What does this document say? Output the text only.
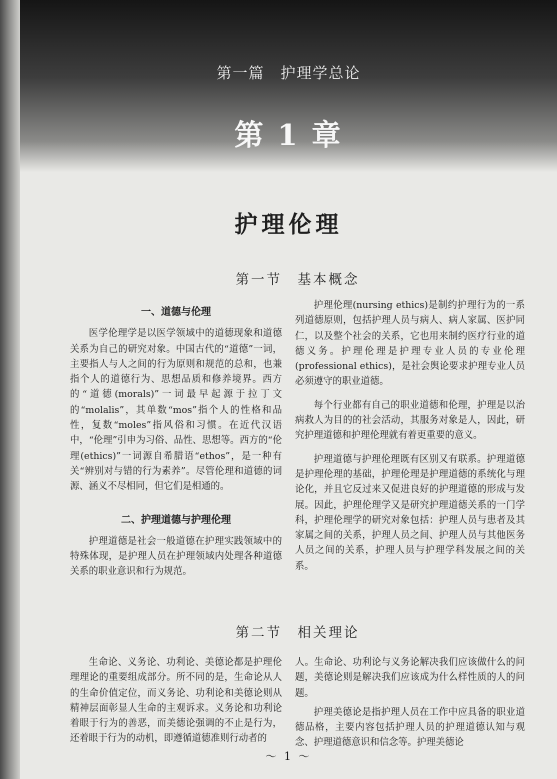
第一篇　护理学总论
第 1 章
护理伦理
第一节　基本概念

一、道德与伦理

医学伦理学是以医学领域中的道德现象和道德关系为自己的研究对象。中国古代的“道德”一词，主要指人与人之间的行为原则和规范的总和，也兼指个人的道德行为、思想品质和修养境界。西方的“道德(morals)”一词最早起源于拉丁文的“molalis”，其单数“mos”指个人的性格和品性，复数“moles”指风俗和习惯。在近代汉语中，“伦理”引申为习俗、品性、思想等。西方的“伦理(ethics)”一词源自希腊语“ethos”，是一种有关“辨别对与错的行为素养”。尽管伦理和道德的词源、涵义不尽相同，但它们是相通的。

二、护理道德与护理伦理

护理道德是社会一般道德在护理实践领域中的特殊体现，是护理人员在护理领域内处理各种道德关系的职业意识和行为规范。

护理伦理(nursing ethics)是制约护理行为的一系列道德原则，包括护理人员与病人、病人家属、医护同仁，以及整个社会的关系，它也用来制约医疗行业的道德义务。护理伦理是护理专业人员的专业伦理(professional ethics)，是社会舆论要求护理专业人员必须遵守的职业道德。

每个行业都有自己的职业道德和伦理，护理是以治病救人为目的的社会活动，其服务对象是人，因此，研究护理道德和护理伦理就有着更重要的意义。

护理道德与护理伦理既有区别又有联系。护理道德是护理伦理的基础，护理伦理是护理道德的系统化与理论化，并且它反过来又促进良好的护理道德的形成与发展。因此，护理伦理学又是研究护理道德关系的一门学科，护理伦理学的研究对象包括：护理人员与患者及其家属之间的关系，护理人员之间、护理人员与其他医务人员之间的关系，护理人员与护理学科发展之间的关系。

第二节　相关理论

生命论、义务论、功利论、美德论都是护理伦理理论的重要组成部分。所不同的是，生命论从人的生命价值定位，而义务论、功利论和美德论则从精神层面彰显人生命的主观诉求。义务论和功利论着眼于行为的善恶，而美德论强调的不止是行为，还着眼于行为的动机，即遵循道德准则行动者的

人。生命论、功利论与义务论解决我们应该做什么的问题，美德论则是解决我们应该成为什么样性质的人的问题。

护理美德论是指护理人员在工作中应具备的职业道德品格，主要内容包括护理人员的护理道德认知与观念、护理道德意识和信念等。护理美德论

～ 1 ～
